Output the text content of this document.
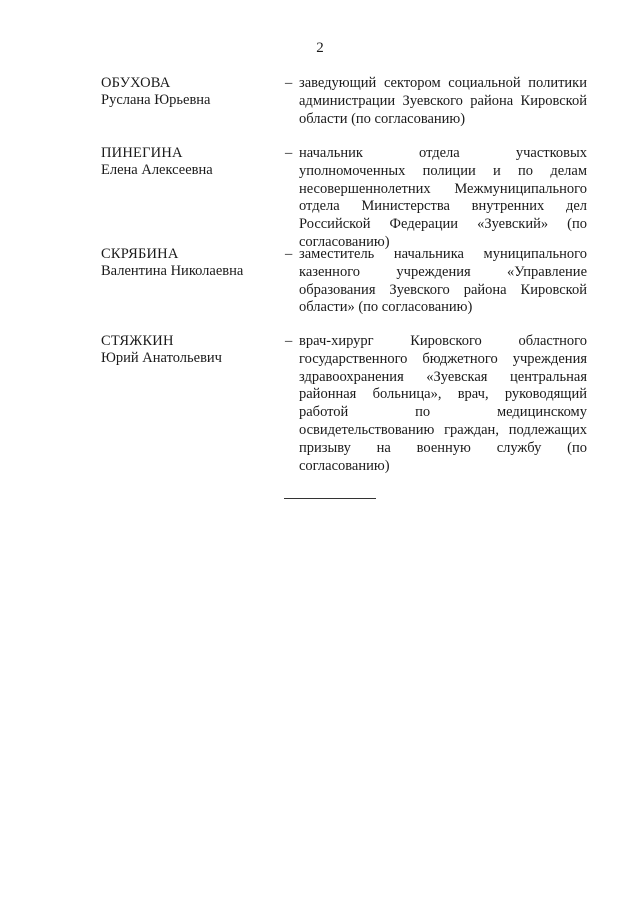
2
ОБУХОВА
Руслана Юрьевна
– заведующий сектором социальной политики администрации Зуевского района Кировской области (по согласованию)
ПИНЕГИНА
Елена Алексеевна
– начальник отдела участковых уполномоченных полиции и по делам несовершеннолетних Межмуниципального отдела Министерства внутренних дел Российской Федерации «Зуевский» (по согласованию)
СКРЯБИНА
Валентина Николаевна
– заместитель начальника муниципального казенного учреждения «Управление образования Зуевского района Кировской области» (по согласованию)
СТЯЖКИН
Юрий Анатольевич
– врач-хирург Кировского областного государственного бюджетного учреждения здравоохранения «Зуевская центральная районная больница», врач, руководящий работой по медицинскому освидетельствованию граждан, подлежащих призыву на военную службу (по согласованию)
